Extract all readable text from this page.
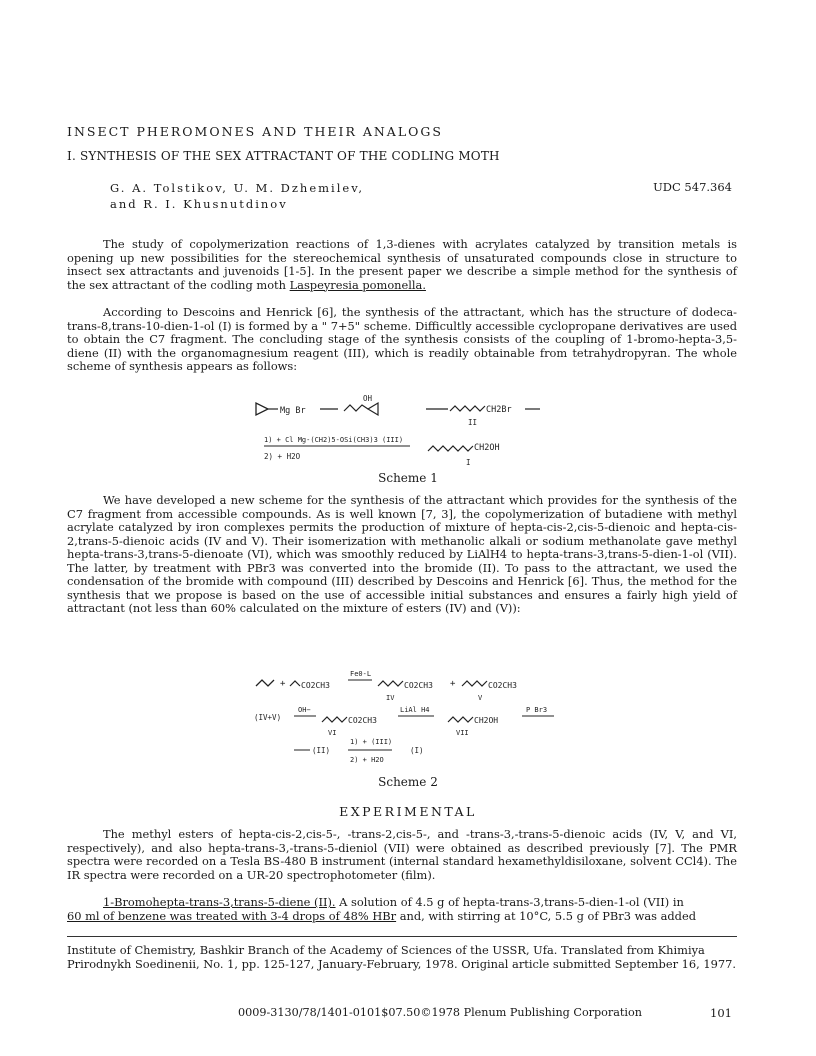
INSECT PHEROMONES AND THEIR ANALOGS
I. SYNTHESIS OF THE SEX ATTRACTANT OF THE CODLING MOTH
G. A. Tolstikov, U. M. Dzhemilev,
and R. I. Khusnutdinov
UDC 547.364
The study of copolymerization reactions of 1,3-dienes with acrylates catalyzed by transition metals is opening up new possibilities for the stereochemical synthesis of unsaturated compounds close in structure to insect sex attractants and juvenoids [1-5]. In the present paper we describe a simple method for the synthesis of the sex attractant of the codling moth Laspeyresia pomonella.
According to Descoins and Henrick [6], the synthesis of the attractant, which has the structure of dodeca-trans-8,trans-10-dien-1-ol (I) is formed by a " 7+5" scheme. Difficultly accessible cyclopropane derivatives are used to obtain the C7 fragment. The concluding stage of the synthesis consists of the coupling of 1-bromo-hepta-3,5-diene (II) with the organomagnesium reagent (III), which is readily obtainable from tetrahydropyran. The whole scheme of synthesis appears as follows:
Mg Br
OH
CH2Br
II
1) + Cl Mg-(CH2)5-OSi(CH3)3 (III)
2) + H2O
CH2OH
I
Scheme 1
We have developed a new scheme for the synthesis of the attractant which provides for the synthesis of the C7 fragment from accessible compounds. As is well known [7, 3], the copolymerization of butadiene with methyl acrylate catalyzed by iron complexes permits the production of mixture of hepta-cis-2,cis-5-dienoic and hepta-cis-2,trans-5-dienoic acids (IV and V). Their isomerization with methanolic alkali or sodium methanolate gave methyl hepta-trans-3,trans-5-dienoate (VI), which was smoothly reduced by LiAlH4 to hepta-trans-3,trans-5-dien-1-ol (VII). The latter, by treatment with PBr3 was converted into the bromide (II). To pass to the attractant, we used the condensation of the bromide with compound (III) described by Descoins and Henrick [6]. Thus, the method for the synthesis that we propose is based on the use of accessible initial substances and ensures a fairly high yield of attractant (not less than 60% calculated on the mixture of esters (IV) and (V)):
+ CO2CH3
Fe0-L
CO2CH3
IV
+	CO2CH3
V
(IV+V)
OH−
CO2CH3
VI
LiAl H4
CH2OH
VII
P Br3
(II)
1) + (III)
2) + H2O
(I)
Scheme 2
EXPERIMENTAL
The methyl esters of hepta-cis-2,cis-5-, -trans-2,cis-5-, and -trans-3,-trans-5-dienoic acids (IV, V, and VI, respectively), and also hepta-trans-3,-trans-5-dieniol (VII) were obtained as described previously [7]. The PMR spectra were recorded on a Tesla BS-480 B instrument (internal standard hexamethyldisiloxane, solvent CCl4). The IR spectra were recorded on a UR-20 spectrophotometer (film).
1-Bromohepta-trans-3,trans-5-diene (II). A solution of 4.5 g of hepta-trans-3,trans-5-dien-1-ol (VII) in
60 ml of benzene was treated with 3-4 drops of 48% HBr and, with stirring at 10°C, 5.5 g of PBr3 was added
Institute of Chemistry, Bashkir Branch of the Academy of Sciences of the USSR, Ufa. Translated from Khimiya Prirodnykh Soedinenii, No. 1, pp. 125-127, January-February, 1978. Original article submitted September 16, 1977.
0009-3130/78/1401-0101$07.50©1978 Plenum Publishing Corporation	101
